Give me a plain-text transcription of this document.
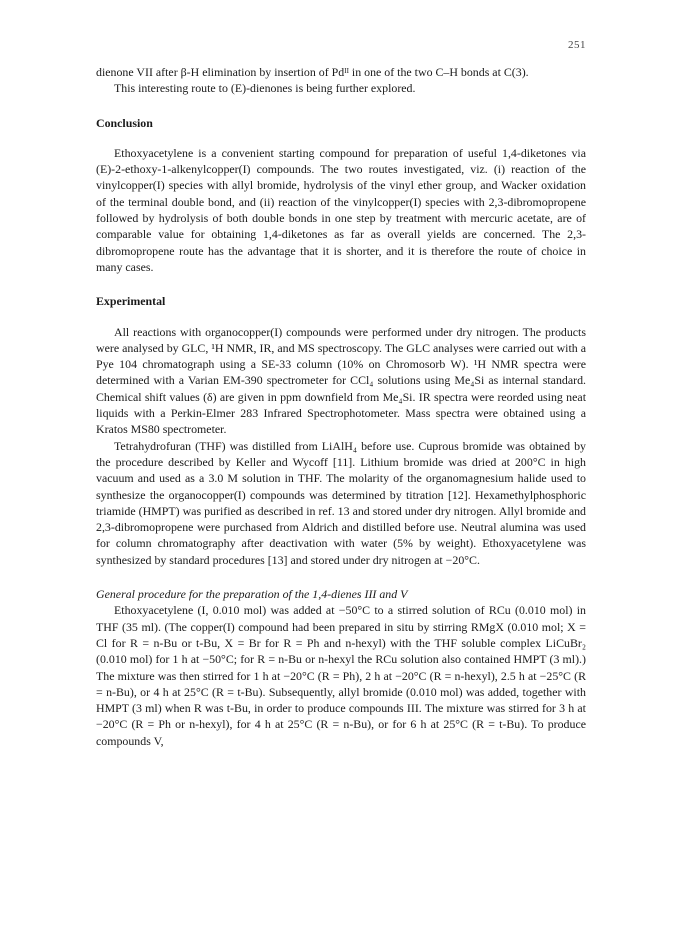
251

dienone VII after β-H elimination by insertion of Pdᴵᴵ in one of the two C–H bonds at C(3).

This interesting route to (E)-dienones is being further explored.

Conclusion

Ethoxyacetylene is a convenient starting compound for preparation of useful 1,4-diketones via (E)-2-ethoxy-1-alkenylcopper(I) compounds. The two routes investigated, viz. (i) reaction of the vinylcopper(I) species with allyl bromide, hydrolysis of the vinyl ether group, and Wacker oxidation of the terminal double bond, and (ii) reaction of the vinylcopper(I) species with 2,3-dibromopropene followed by hydrolysis of both double bonds in one step by treatment with mercuric acetate, are of comparable value for obtaining 1,4-diketones as far as overall yields are concerned. The 2,3-dibromopropene route has the advantage that it is shorter, and it is therefore the route of choice in many cases.

Experimental

All reactions with organocopper(I) compounds were performed under dry nitrogen. The products were analysed by GLC, ¹H NMR, IR, and MS spectroscopy. The GLC analyses were carried out with a Pye 104 chromatograph using a SE-33 column (10% on Chromosorb W). ¹H NMR spectra were determined with a Varian EM-390 spectrometer for CCl₄ solutions using Me₄Si as internal standard. Chemical shift values (δ) are given in ppm downfield from Me₄Si. IR spectra were reorded using neat liquids with a Perkin-Elmer 283 Infrared Spectrophotometer. Mass spectra were obtained using a Kratos MS80 spectrometer.

Tetrahydrofuran (THF) was distilled from LiAlH₄ before use. Cuprous bromide was obtained by the procedure described by Keller and Wycoff [11]. Lithium bromide was dried at 200°C in high vacuum and used as a 3.0 M solution in THF. The molarity of the organomagnesium halide used to synthesize the organocopper(I) compounds was determined by titration [12]. Hexamethylphosphoric triamide (HMPT) was purified as described in ref. 13 and stored under dry nitrogen. Allyl bromide and 2,3-dibromopropene were purchased from Aldrich and distilled before use. Neutral alumina was used for column chromatography after deactivation with water (5% by weight). Ethoxyacetylene was synthesized by standard procedures [13] and stored under dry nitrogen at −20°C.

General procedure for the preparation of the 1,4-dienes III and V

Ethoxyacetylene (I, 0.010 mol) was added at −50°C to a stirred solution of RCu (0.010 mol) in THF (35 ml). (The copper(I) compound had been prepared in situ by stirring RMgX (0.010 mol; X = Cl for R = n-Bu or t-Bu, X = Br for R = Ph and n-hexyl) with the THF soluble complex LiCuBr₂ (0.010 mol) for 1 h at −50°C; for R = n-Bu or n-hexyl the RCu solution also contained HMPT (3 ml).) The mixture was then stirred for 1 h at −20°C (R = Ph), 2 h at −20°C (R = n-hexyl), 2.5 h at −25°C (R = n-Bu), or 4 h at 25°C (R = t-Bu). Subsequently, allyl bromide (0.010 mol) was added, together with HMPT (3 ml) when R was t-Bu, in order to produce compounds III. The mixture was stirred for 3 h at −20°C (R = Ph or n-hexyl), for 4 h at 25°C (R = n-Bu), or for 6 h at 25°C (R = t-Bu). To produce compounds V,
